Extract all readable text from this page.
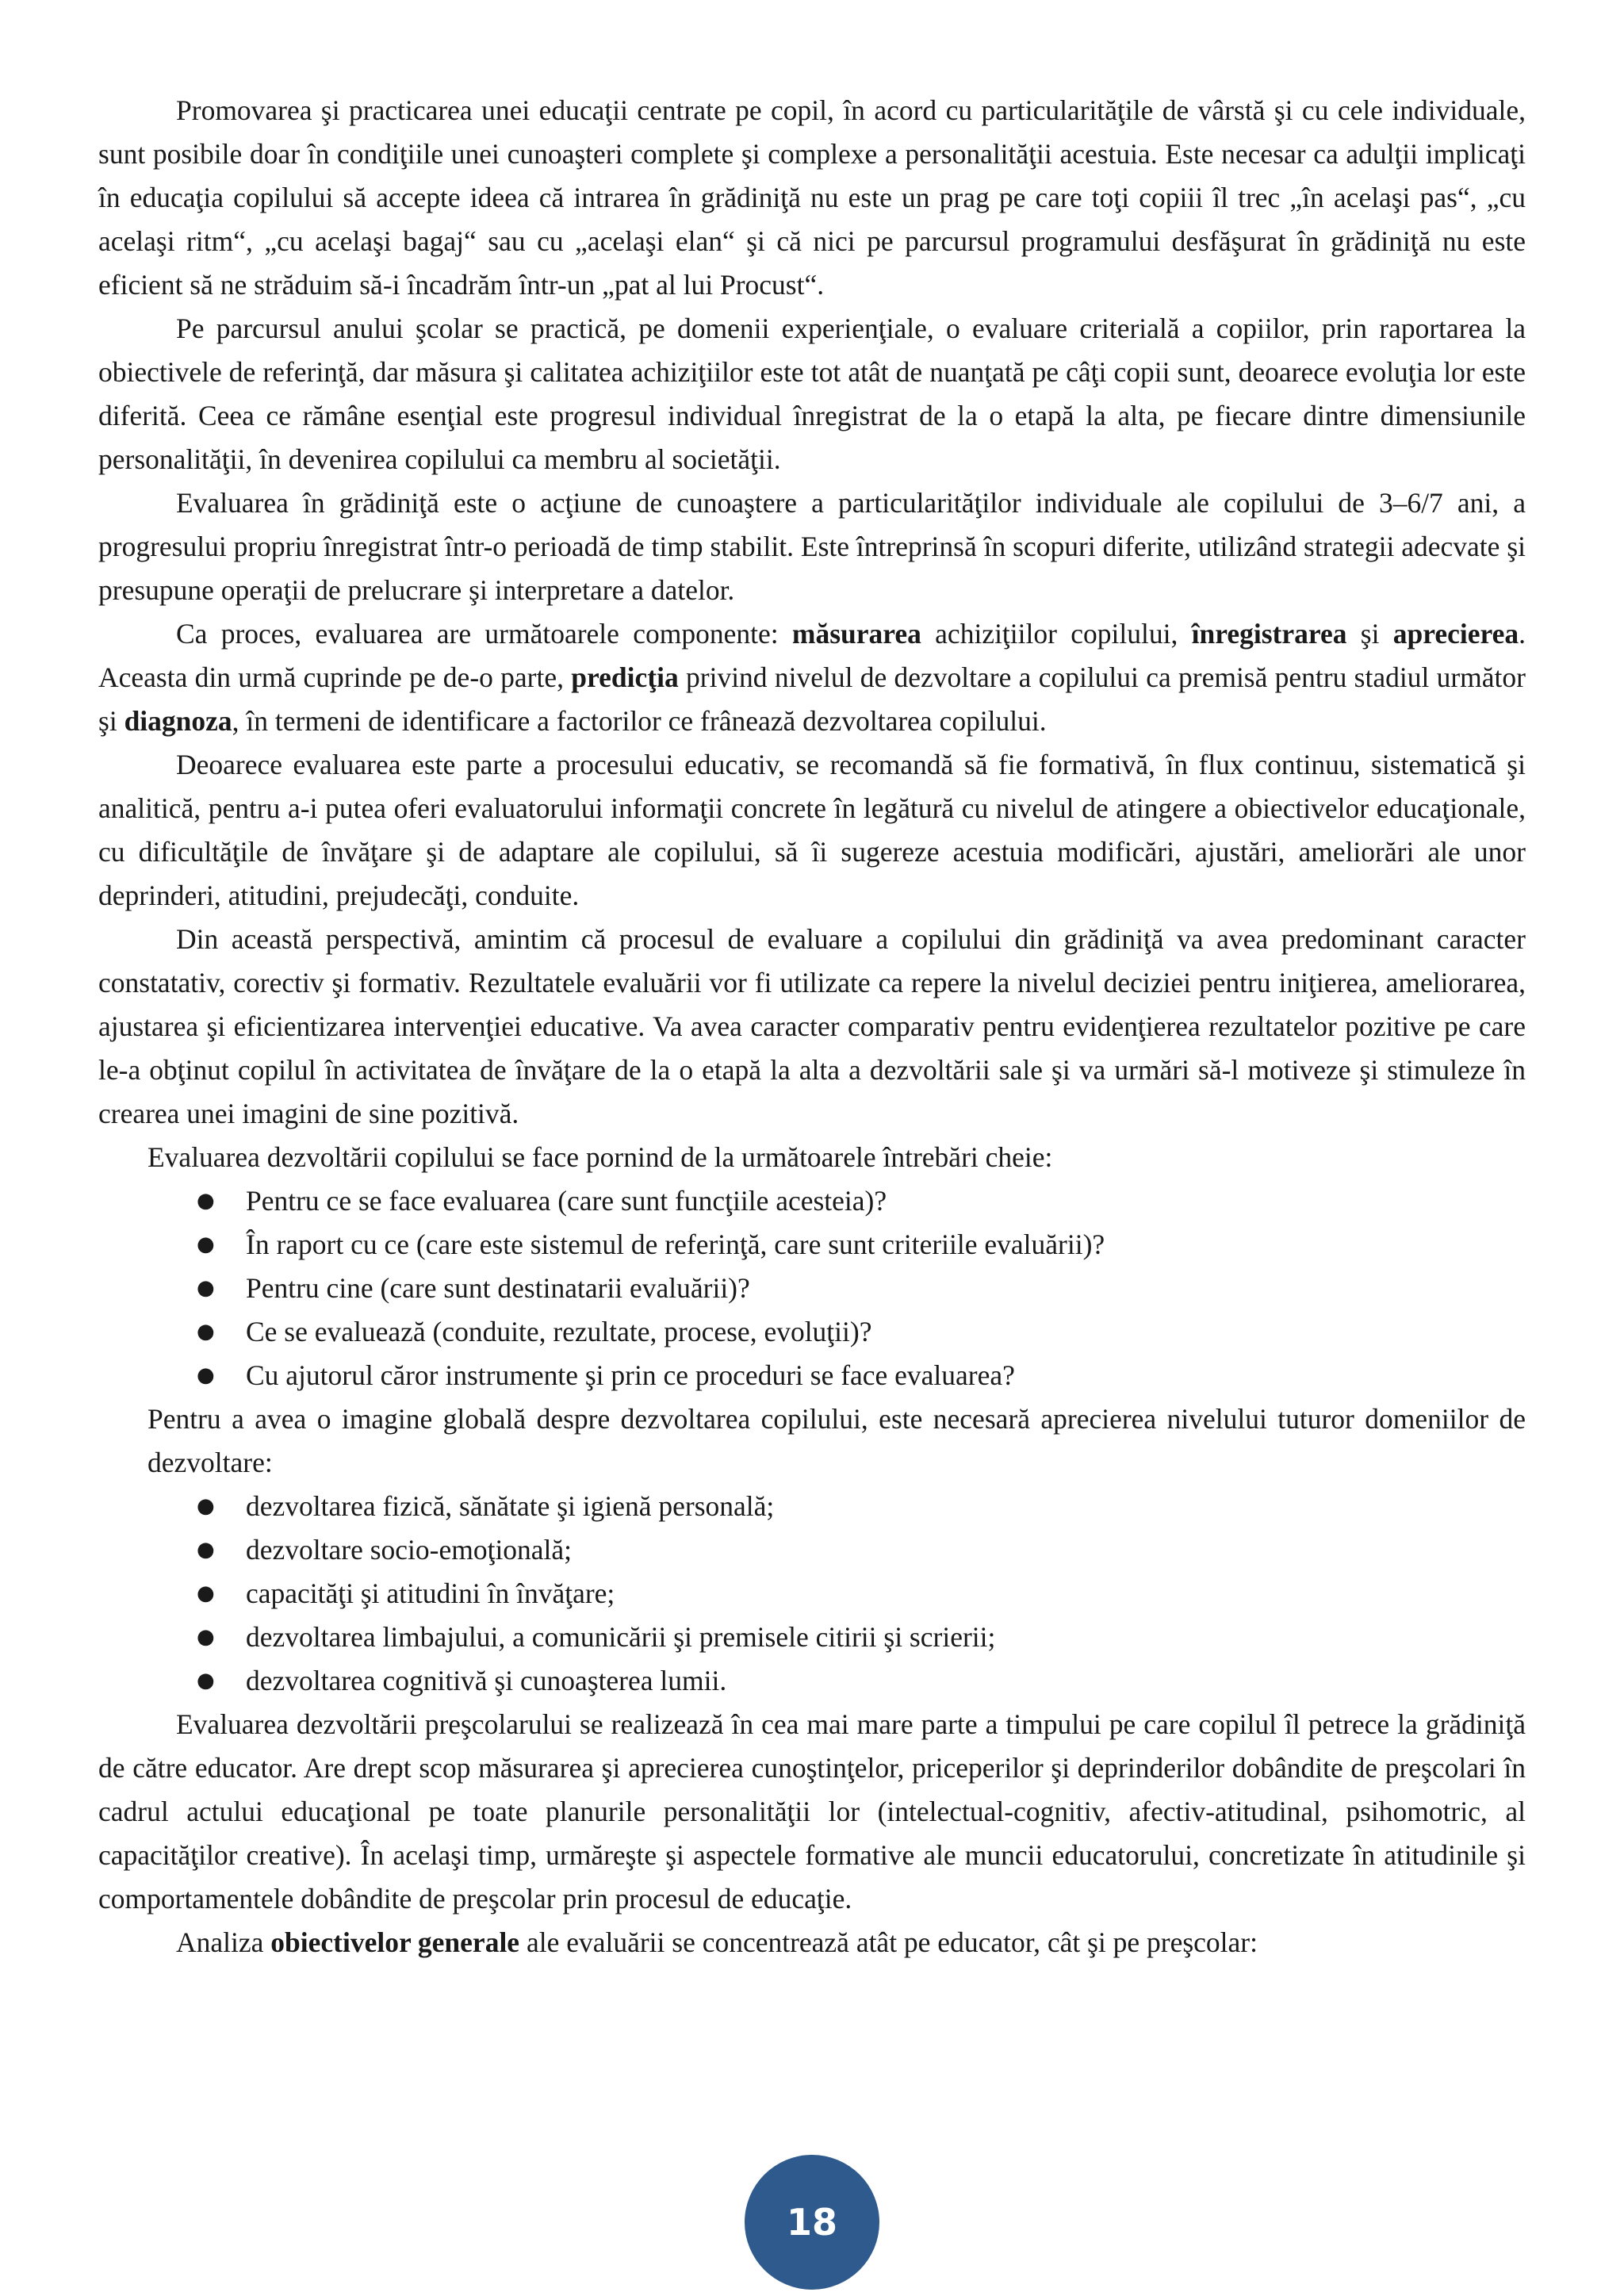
Promovarea şi practicarea unei educaţii centrate pe copil, în acord cu particularităţile de vârstă şi cu cele individuale, sunt posibile doar în condiţiile unei cunoaşteri complete şi complexe a personalităţii acestuia. Este necesar ca adulţii implicaţi în educaţia copilului să accepte ideea că intrarea în grădiniţă nu este un prag pe care toţi copiii îl trec „în acelaşi pas“, „cu acelaşi ritm“, „cu acelaşi bagaj“ sau cu „acelaşi elan“ şi că nici pe parcursul programului desfăşurat în grădiniţă nu este eficient să ne străduim să-i încadrăm într-un „pat al lui Procust“.

Pe parcursul anului şcolar se practică, pe domenii experienţiale, o evaluare criterială a copiilor, prin raportarea la obiectivele de referinţă, dar măsura şi calitatea achiziţiilor este tot atât de nuanţată pe câţi copii sunt, deoarece evoluţia lor este diferită. Ceea ce rămâne esenţial este progresul individual înregistrat de la o etapă la alta, pe fiecare dintre dimensiunile personalităţii, în devenirea copilului ca membru al societăţii.

Evaluarea în grădiniţă este o acţiune de cunoaştere a particularităţilor individuale ale copilului de 3–6/7 ani, a progresului propriu înregistrat într-o perioadă de timp stabilit. Este întreprinsă în scopuri diferite, utilizând strategii adecvate şi presupune operaţii de prelucrare şi interpretare a datelor.

Ca proces, evaluarea are următoarele componente: măsurarea achiziţiilor copilului, înregistrarea şi aprecierea. Aceasta din urmă cuprinde pe de-o parte, predicţia privind nivelul de dezvoltare a copilului ca premisă pentru stadiul următor şi diagnoza, în termeni de identificare a factorilor ce frânează dezvoltarea copilului.

Deoarece evaluarea este parte a procesului educativ, se recomandă să fie formativă, în flux continuu, sistematică şi analitică, pentru a-i putea oferi evaluatorului informaţii concrete în legătură cu nivelul de atingere a obiectivelor educaţionale, cu dificultăţile de învăţare şi de adaptare ale copilului, să îi sugereze acestuia modificări, ajustări, ameliorări ale unor deprinderi, atitudini, prejudecăţi, conduite.

Din această perspectivă, amintim că procesul de evaluare a copilului din grădiniţă va avea predominant caracter constatativ, corectiv şi formativ. Rezultatele evaluării vor fi utilizate ca repere la nivelul deciziei pentru iniţierea, ameliorarea, ajustarea şi eficientizarea intervenţiei educative. Va avea caracter comparativ pentru evidenţierea rezultatelor pozitive pe care le-a obţinut copilul în activitatea de învăţare de la o etapă la alta a dezvoltării sale şi va urmări să-l motiveze şi stimuleze în crearea unei imagini de sine pozitivă.

Evaluarea dezvoltării copilului se face pornind de la următoarele întrebări cheie:

●	Pentru ce se face evaluarea (care sunt funcţiile acesteia)?
●	În raport cu ce (care este sistemul de referinţă, care sunt criteriile evaluării)?
●	Pentru cine (care sunt destinatarii evaluării)?
●	Ce se evaluează (conduite, rezultate, procese, evoluţii)?
●	Cu ajutorul căror instrumente şi prin ce proceduri se face evaluarea?

Pentru a avea o imagine globală despre dezvoltarea copilului, este necesară aprecierea nivelului tuturor domeniilor de dezvoltare:

●	dezvoltarea fizică, sănătate şi igienă personală;
●	dezvoltare socio-emoţională;
●	capacităţi şi atitudini în învăţare;
●	dezvoltarea limbajului, a comunicării şi premisele citirii şi scrierii;
●	dezvoltarea cognitivă şi cunoaşterea lumii.

Evaluarea dezvoltării preşcolarului se realizează în cea mai mare parte a timpului pe care copilul îl petrece la grădiniţă de către educator. Are drept scop măsurarea şi aprecierea cunoştinţelor, priceperilor şi deprinderilor dobândite de preşcolari în cadrul actului educaţional pe toate planurile personalităţii lor (intelectual-cognitiv, afectiv-atitudinal, psihomotric, al capacităţilor creative). În acelaşi timp, urmăreşte şi aspectele formative ale muncii educatorului, concretizate în atitudinile şi comportamentele dobândite de preşcolar prin procesul de educaţie.

Analiza obiectivelor generale ale evaluării se concentrează atât pe educator, cât şi pe preşcolar:

18
